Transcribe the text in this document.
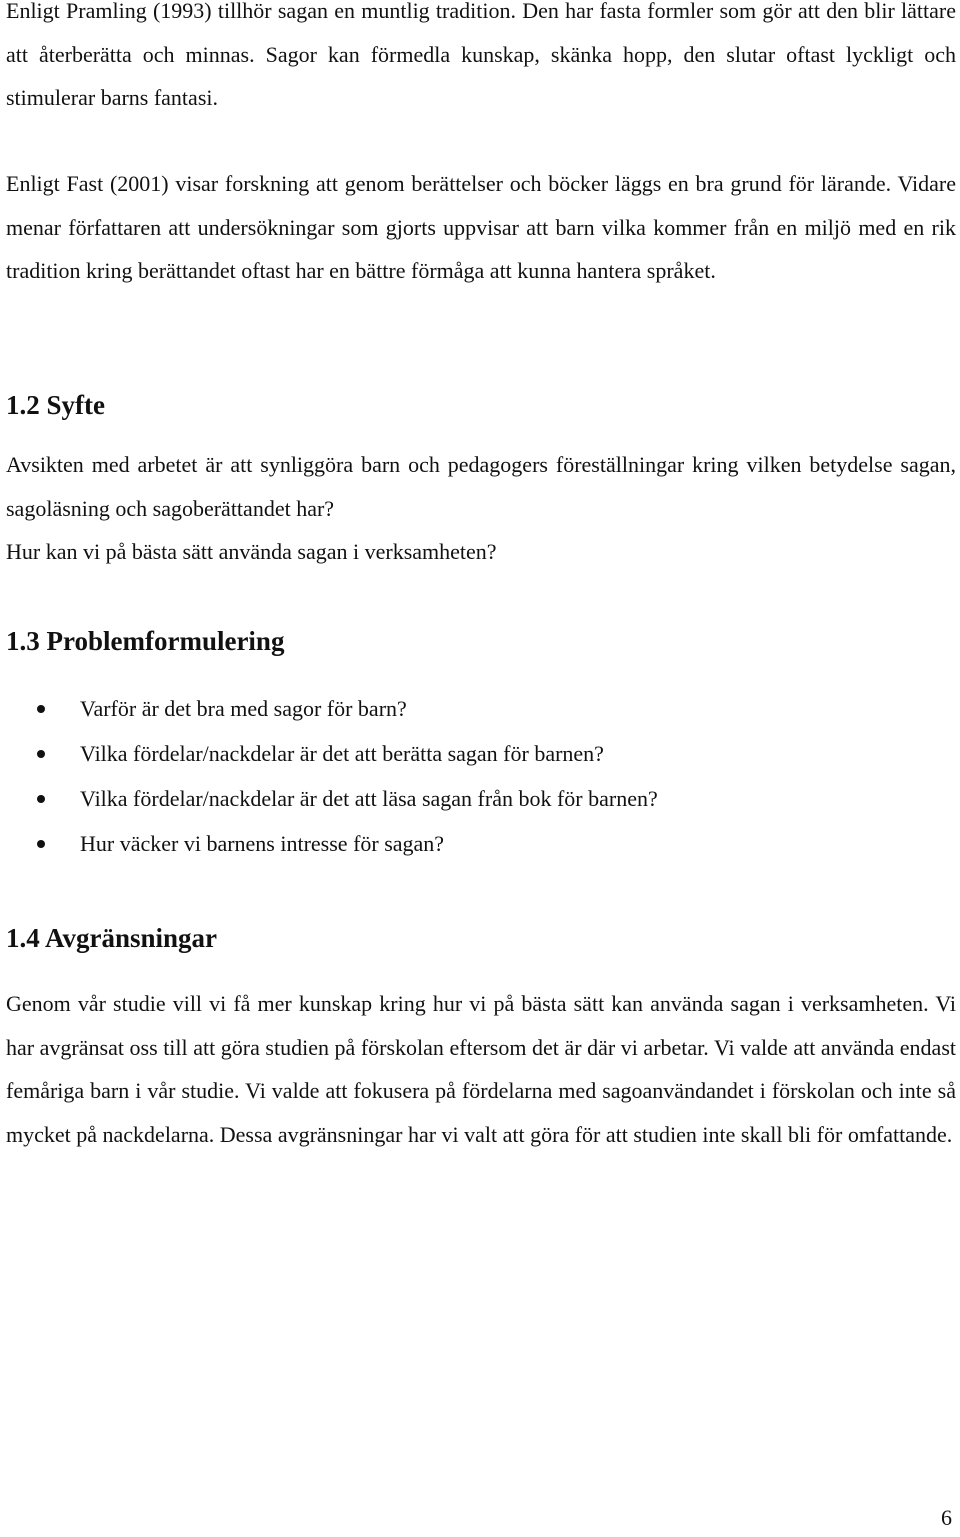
Enligt Pramling (1993) tillhör sagan en muntlig tradition. Den har fasta formler som gör att den blir lättare att återberätta och minnas. Sagor kan förmedla kunskap, skänka hopp, den slutar oftast lyckligt och stimulerar barns fantasi.

Enligt Fast (2001) visar forskning att genom berättelser och böcker läggs en bra grund för lärande. Vidare menar författaren att undersökningar som gjorts uppvisar att barn vilka kommer från en miljö med en rik tradition kring berättandet oftast har en bättre förmåga att kunna hantera språket.

1.2 Syfte

Avsikten med arbetet är att synliggöra barn och pedagogers föreställningar kring vilken betydelse sagan, sagoläsning och sagoberättandet har?

Hur kan vi på bästa sätt använda sagan i verksamheten?

1.3 Problemformulering
Varför är det bra med sagor för barn?
Vilka fördelar/nackdelar är det att berätta sagan för barnen?
Vilka fördelar/nackdelar är det att läsa sagan från bok för barnen?
Hur väcker vi barnens intresse för sagan?
1.4 Avgränsningar

Genom vår studie vill vi få mer kunskap kring hur vi på bästa sätt kan använda sagan i verksamheten. Vi har avgränsat oss till att göra studien på förskolan eftersom det är där vi arbetar. Vi valde att använda endast femåriga barn i vår studie. Vi valde att fokusera på fördelarna med sagoanvändandet i förskolan och inte så mycket på nackdelarna. Dessa avgränsningar har vi valt att göra för att studien inte skall bli för omfattande.

6
